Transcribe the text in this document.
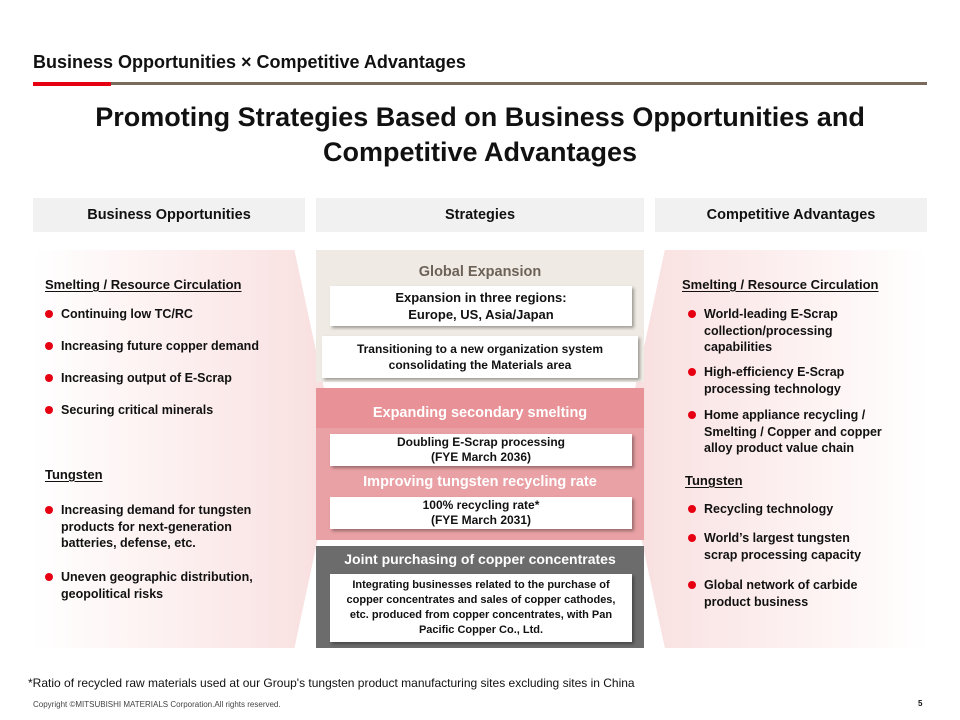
Business Opportunities × Competitive Advantages
Promoting Strategies Based on Business Opportunities and
Competitive Advantages
Business Opportunities	Strategies	Competitive Advantages
Smelting / Resource Circulation
Continuing low TC/RC
Increasing future copper demand
Increasing output of E-Scrap
Securing critical minerals
Tungsten
Increasing demand for tungsten
products for next-generation
batteries, defense, etc.
Uneven geographic distribution,
geopolitical risks
Global Expansion
Expansion in three regions:
Europe, US, Asia/Japan
Transitioning to a new organization system
consolidating the Materials area
Expanding secondary smelting
Doubling E-Scrap processing
(FYE March 2036)
Improving tungsten recycling rate
100% recycling rate*
(FYE March 2031)
Joint purchasing of copper concentrates
Integrating businesses related to the purchase of
copper concentrates and sales of copper cathodes,
etc. produced from copper concentrates, with Pan
Pacific Copper Co., Ltd.
Smelting / Resource Circulation
World-leading E-Scrap
collection/processing
capabilities
High-efficiency E-Scrap
processing technology
Home appliance recycling /
Smelting / Copper and copper
alloy product value chain
Tungsten
Recycling technology
World’s largest tungsten
scrap processing capacity
Global network of carbide
product business
*Ratio of recycled raw materials used at our Group's tungsten product manufacturing sites excluding sites in China
Copyright ©MITSUBISHI MATERIALS Corporation.All rights reserved.	5
